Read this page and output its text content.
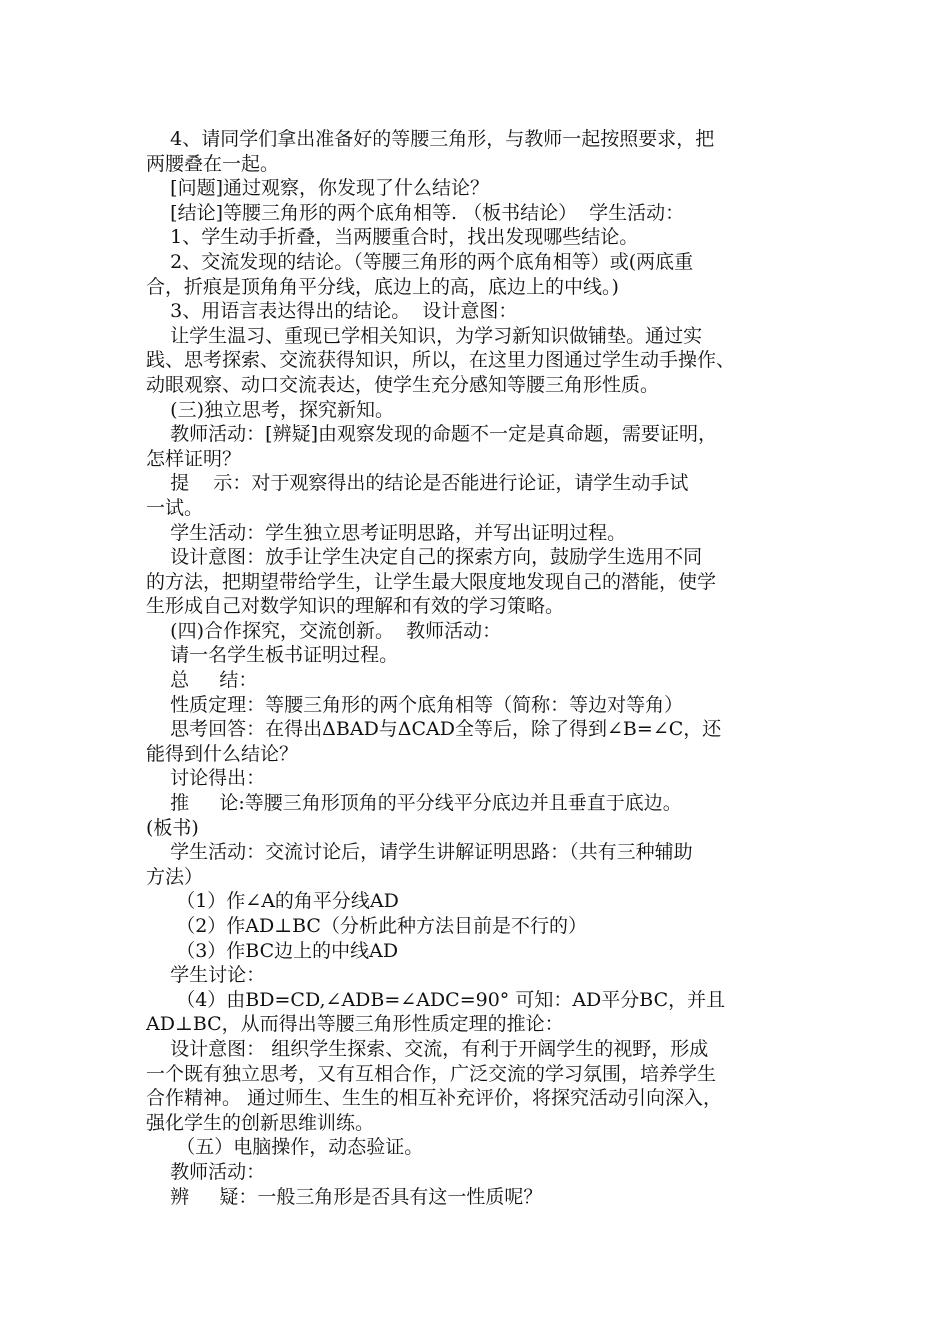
4、请同学们拿出准备好的等腰三角形，与教师一起按照要求，把
两腰叠在一起。
[问题]通过观察，你发现了什么结论？
[结论]等腰三角形的两个底角相等. （板书结论）  学生活动：
1、学生动手折叠，当两腰重合时，找出发现哪些结论。
2、交流发现的结论。（等腰三角形的两个底角相等）或(两底重
合，折痕是顶角角平分线，底边上的高，底边上的中线。)
3、用语言表达得出的结论。  设计意图：
让学生温习、重现已学相关知识，为学习新知识做铺垫。通过实
践、思考探索、交流获得知识，所以，在这里力图通过学生动手操作、
动眼观察、动口交流表达，使学生充分感知等腰三角形性质。
(三)独立思考，探究新知。
教师活动：[辨疑]由观察发现的命题不一定是真命题，需要证明，
怎样证明？
提    示：对于观察得出的结论是否能进行论证，请学生动手试
一试。
学生活动：学生独立思考证明思路，并写出证明过程。
设计意图：放手让学生决定自己的探索方向，鼓励学生选用不同
的方法，把期望带给学生，让学生最大限度地发现自己的潜能，使学
生形成自己对数学知识的理解和有效的学习策略。
(四)合作探究，交流创新。  教师活动：
请一名学生板书证明过程。
总     结：
性质定理：等腰三角形的两个底角相等（简称：等边对等角）
思考回答：在得出ΔBAD与ΔCAD全等后，除了得到∠B=∠C，还
能得到什么结论？
讨论得出：
推     论:等腰三角形顶角的平分线平分底边并且垂直于底边。
(板书)
学生活动：交流讨论后，请学生讲解证明思路：（共有三种辅助
方法）
（1）作∠A的角平分线AD
（2）作AD⊥BC（分析此种方法目前是不行的）
（3）作BC边上的中线AD
学生讨论：
（4）由BD=CD,∠ADB=∠ADC=90° 可知：AD平分BC，并且
AD⊥BC，从而得出等腰三角形性质定理的推论：
设计意图： 组织学生探索、交流，有利于开阔学生的视野，形成
一个既有独立思考，又有互相合作，广泛交流的学习氛围，培养学生
合作精神。 通过师生、生生的相互补充评价，将探究活动引向深入，
强化学生的创新思维训练。
（五）电脑操作，动态验证。
教师活动：
辨     疑：一般三角形是否具有这一性质呢？
